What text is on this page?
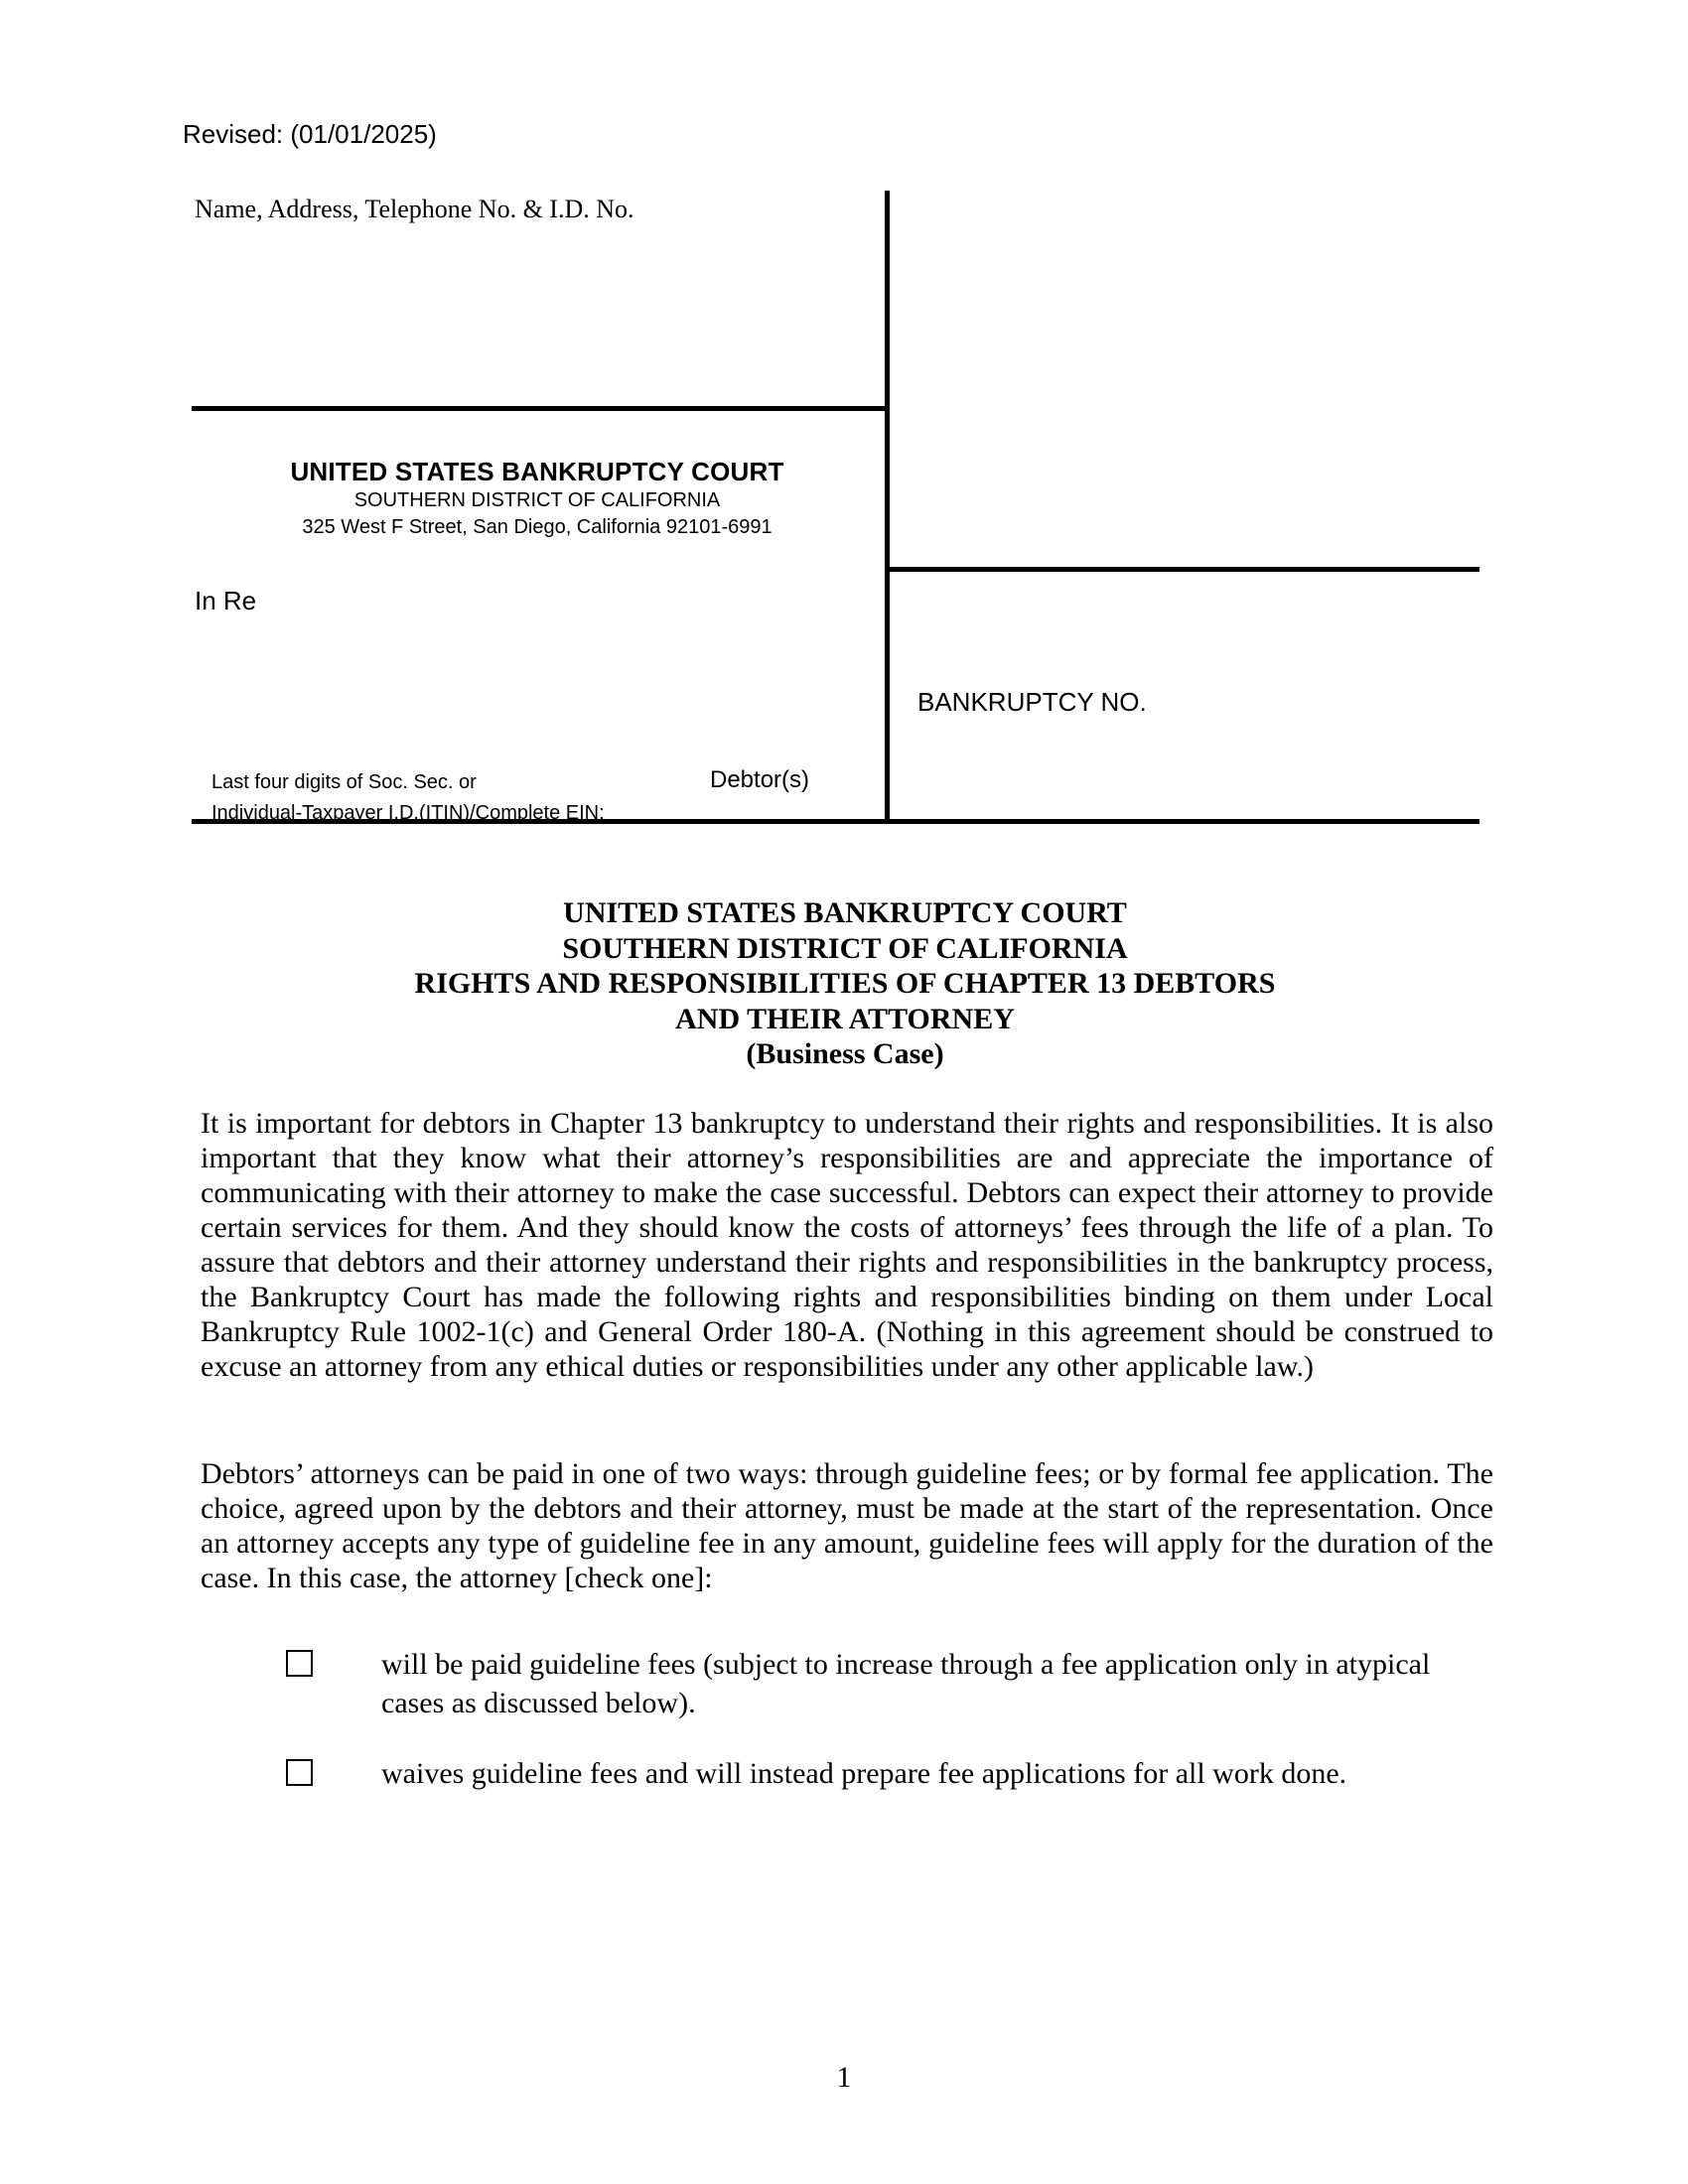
Revised: (01/01/2025)
Name, Address, Telephone No. & I.D. No.
UNITED STATES BANKRUPTCY COURT
SOUTHERN DISTRICT OF CALIFORNIA
325 West F Street, San Diego, California 92101-6991
In Re
BANKRUPTCY NO.
Last four digits of Soc. Sec. or
Individual-Taxpayer I.D.(ITIN)/Complete EIN:
Debtor(s)
UNITED STATES BANKRUPTCY COURT
SOUTHERN DISTRICT OF CALIFORNIA
RIGHTS AND RESPONSIBILITIES OF CHAPTER 13 DEBTORS
AND THEIR ATTORNEY
(Business Case)
It is important for debtors in Chapter 13 bankruptcy to understand their rights and responsibilities. It is also important that they know what their attorney’s responsibilities are and appreciate the importance of communicating with their attorney to make the case successful. Debtors can expect their attorney to provide certain services for them. And they should know the costs of attorneys’ fees through the life of a plan. To assure that debtors and their attorney understand their rights and responsibilities in the bankruptcy process, the Bankruptcy Court has made the following rights and responsibilities binding on them under Local Bankruptcy Rule 1002-1(c) and General Order 180-A. (Nothing in this agreement should be construed to excuse an attorney from any ethical duties or responsibilities under any other applicable law.)
Debtors’ attorneys can be paid in one of two ways: through guideline fees; or by formal fee application. The choice, agreed upon by the debtors and their attorney, must be made at the start of the representation. Once an attorney accepts any type of guideline fee in any amount, guideline fees will apply for the duration of the case. In this case, the attorney [check one]:
will be paid guideline fees (subject to increase through a fee application only in atypical cases as discussed below).
waives guideline fees and will instead prepare fee applications for all work done.
1
